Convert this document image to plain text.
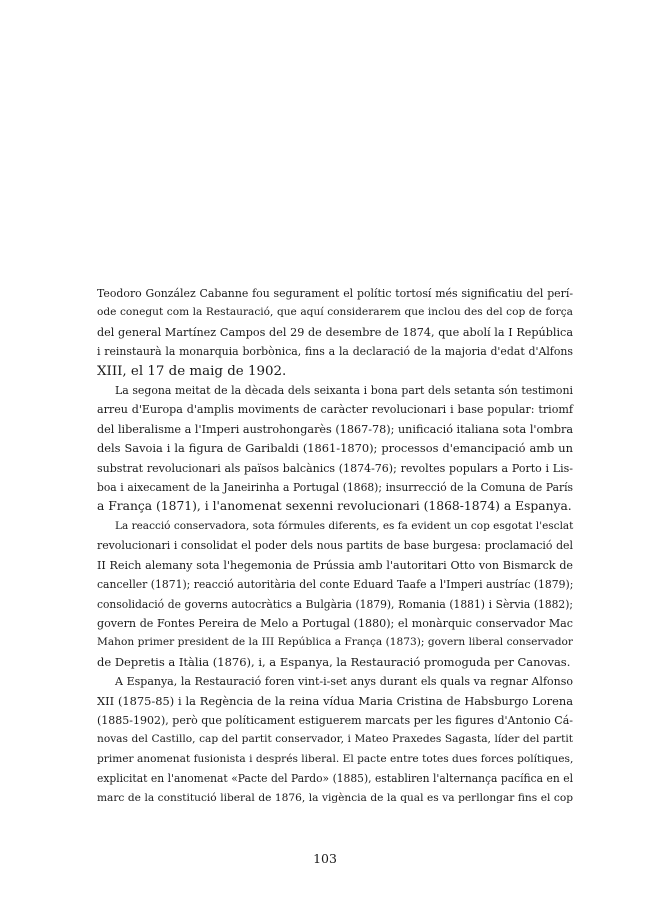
Teodoro González Cabanne fou segurament el polític tortosí més significatiu del perí-
ode conegut com la Restauració, que aquí considerarem que inclou des del cop de força
del general Martínez Campos del 29 de desembre de 1874, que abolí la I República
i reinstaurà la monarquia borbònica, fins a la declaració de la majoria d'edat d'Alfons
XIII, el 17 de maig de 1902.

La segona meitat de la dècada dels seixanta i bona part dels setanta són testimoni
arreu d'Europa d'amplis moviments de caràcter revolucionari i base popular: triomf
del liberalisme a l'Imperi austrohongarès (1867-78); unificació italiana sota l'ombra
dels Savoia i la figura de Garibaldi (1861-1870); processos d'emancipació amb un
substrat revolucionari als països balcànics (1874-76); revoltes populars a Porto i Lis-
boa i aixecament de la Janeirinha a Portugal (1868); insurrecció de la Comuna de París
a França (1871), i l'anomenat sexenni revolucionari (1868-1874) a Espanya.

La reacció conservadora, sota fórmules diferents, es fa evident un cop esgotat l'esclat
revolucionari i consolidat el poder dels nous partits de base burgesa: proclamació del
II Reich alemany sota l'hegemonia de Prússia amb l'autoritari Otto von Bismarck de
canceller (1871); reacció autoritària del conte Eduard Taafe a l'Imperi austríac (1879);
consolidació de governs autocràtics a Bulgària (1879), Romania (1881) i Sèrvia (1882);
govern de Fontes Pereira de Melo a Portugal (1880); el monàrquic conservador Mac
Mahon primer president de la III República a França (1873); govern liberal conservador
de Depretis a Itàlia (1876), i, a Espanya, la Restauració promoguda per Canovas.

A Espanya, la Restauració foren vint-i-set anys durant els quals va regnar Alfonso
XII (1875-85) i la Regència de la reina vídua Maria Cristina de Habsburgo Lorena
(1885-1902), però que políticament estiguerem marcats per les figures d'Antonio Cá-
novas del Castillo, cap del partit conservador, i Mateo Praxedes Sagasta, líder del partit
primer anomenat fusionista i després liberal. El pacte entre totes dues forces polítiques,
explicitat en l'anomenat «Pacte del Pardo» (1885), establiren l'alternança pacífica en el
marc de la constitució liberal de 1876, la vigència de la qual es va perllongar fins el cop

103
